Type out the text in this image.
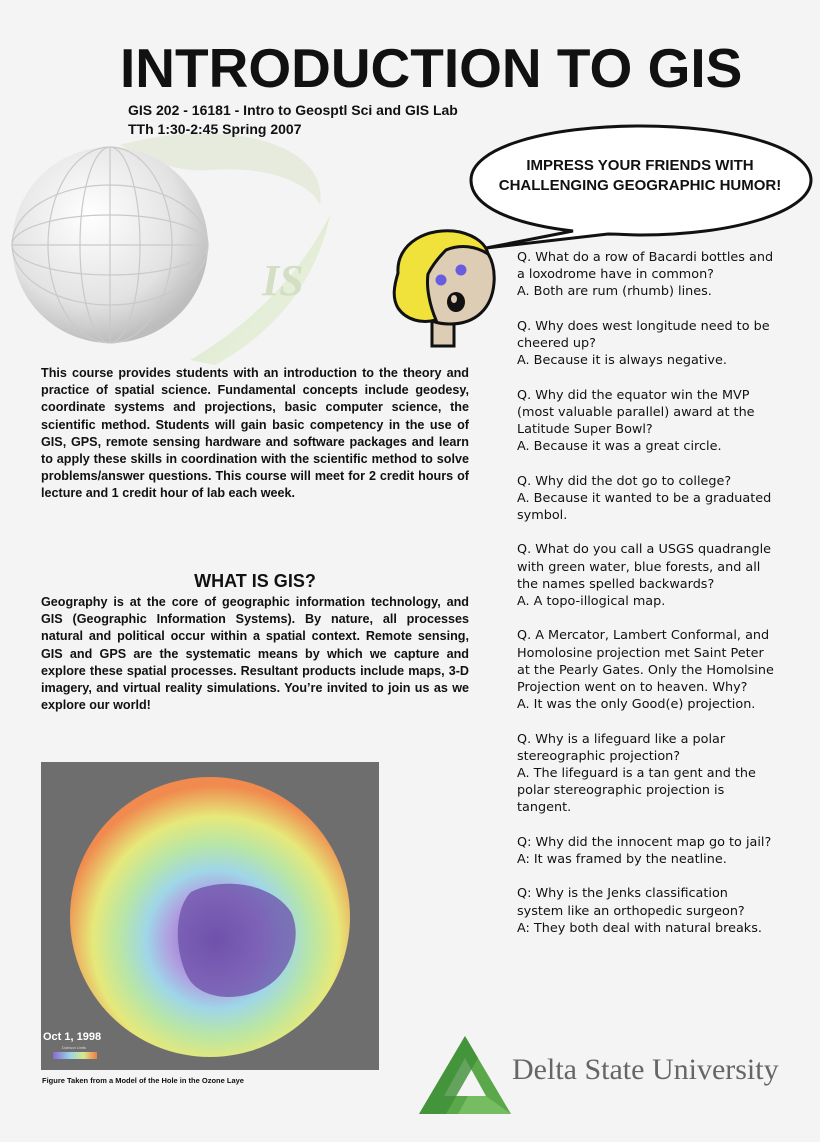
IS
INTRODUCTION TO GIS
GIS 202 - 16181 - Intro to Geosptl Sci and GIS Lab
TTh 1:30-2:45 Spring 2007
IMPRESS YOUR FRIENDS WITH
CHALLENGING GEOGRAPHIC HUMOR!
This course provides students with an introduction to the theory and practice of spatial science. Fundamental concepts include geodesy, coordinate systems and projections, basic computer science, the scientific method. Students will gain basic competency in the use of GIS, GPS, remote sensing hardware and software packages and learn to apply these skills in coordination with the scientific method to solve problems/answer questions. This course will meet for 2 credit hours of lecture and 1 credit hour of lab each week.
WHAT IS GIS?
Geography is at the core of geographic information technology, and GIS (Geographic Information Systems). By nature, all processes natural and political occur within a spatial context. Remote sensing, GIS and GPS are the systematic means by which we capture and explore these spatial processes. Resultant products include maps, 3-D imagery, and virtual reality simulations. You’re invited to join us as we explore our world!
Dobson Units
Oct 1, 1998
Figure Taken from a Model of the Hole in the Ozone Laye
Q. What do a row of Bacardi bottles and a loxodrome have in common?
A. Both are rum (rhumb) lines.
Q. Why does west longitude need to be cheered up?
A. Because it is always negative.
Q. Why did the equator win the MVP (most valuable parallel) award at the Latitude Super Bowl?
A. Because it was a great circle.
Q. Why did the dot go to college?
A. Because it wanted to be a graduated symbol.
Q. What do you call a USGS quadrangle with green water, blue forests, and all the names spelled backwards?
A. A topo-illogical map.
Q. A Mercator, Lambert Conformal, and Homolosine projection met Saint Peter at the Pearly Gates. Only the Homolsine Projection went on to heaven. Why?
A. It was the only Good(e) projection.
Q. Why is a lifeguard like a polar stereographic projection?
A. The lifeguard is a tan gent and the polar stereographic projection is tangent.
Q: Why did the innocent map go to jail?
A: It was framed by the neatline.
Q: Why is the Jenks classification system like an orthopedic surgeon?
A: They both deal with natural breaks.
Delta State University
